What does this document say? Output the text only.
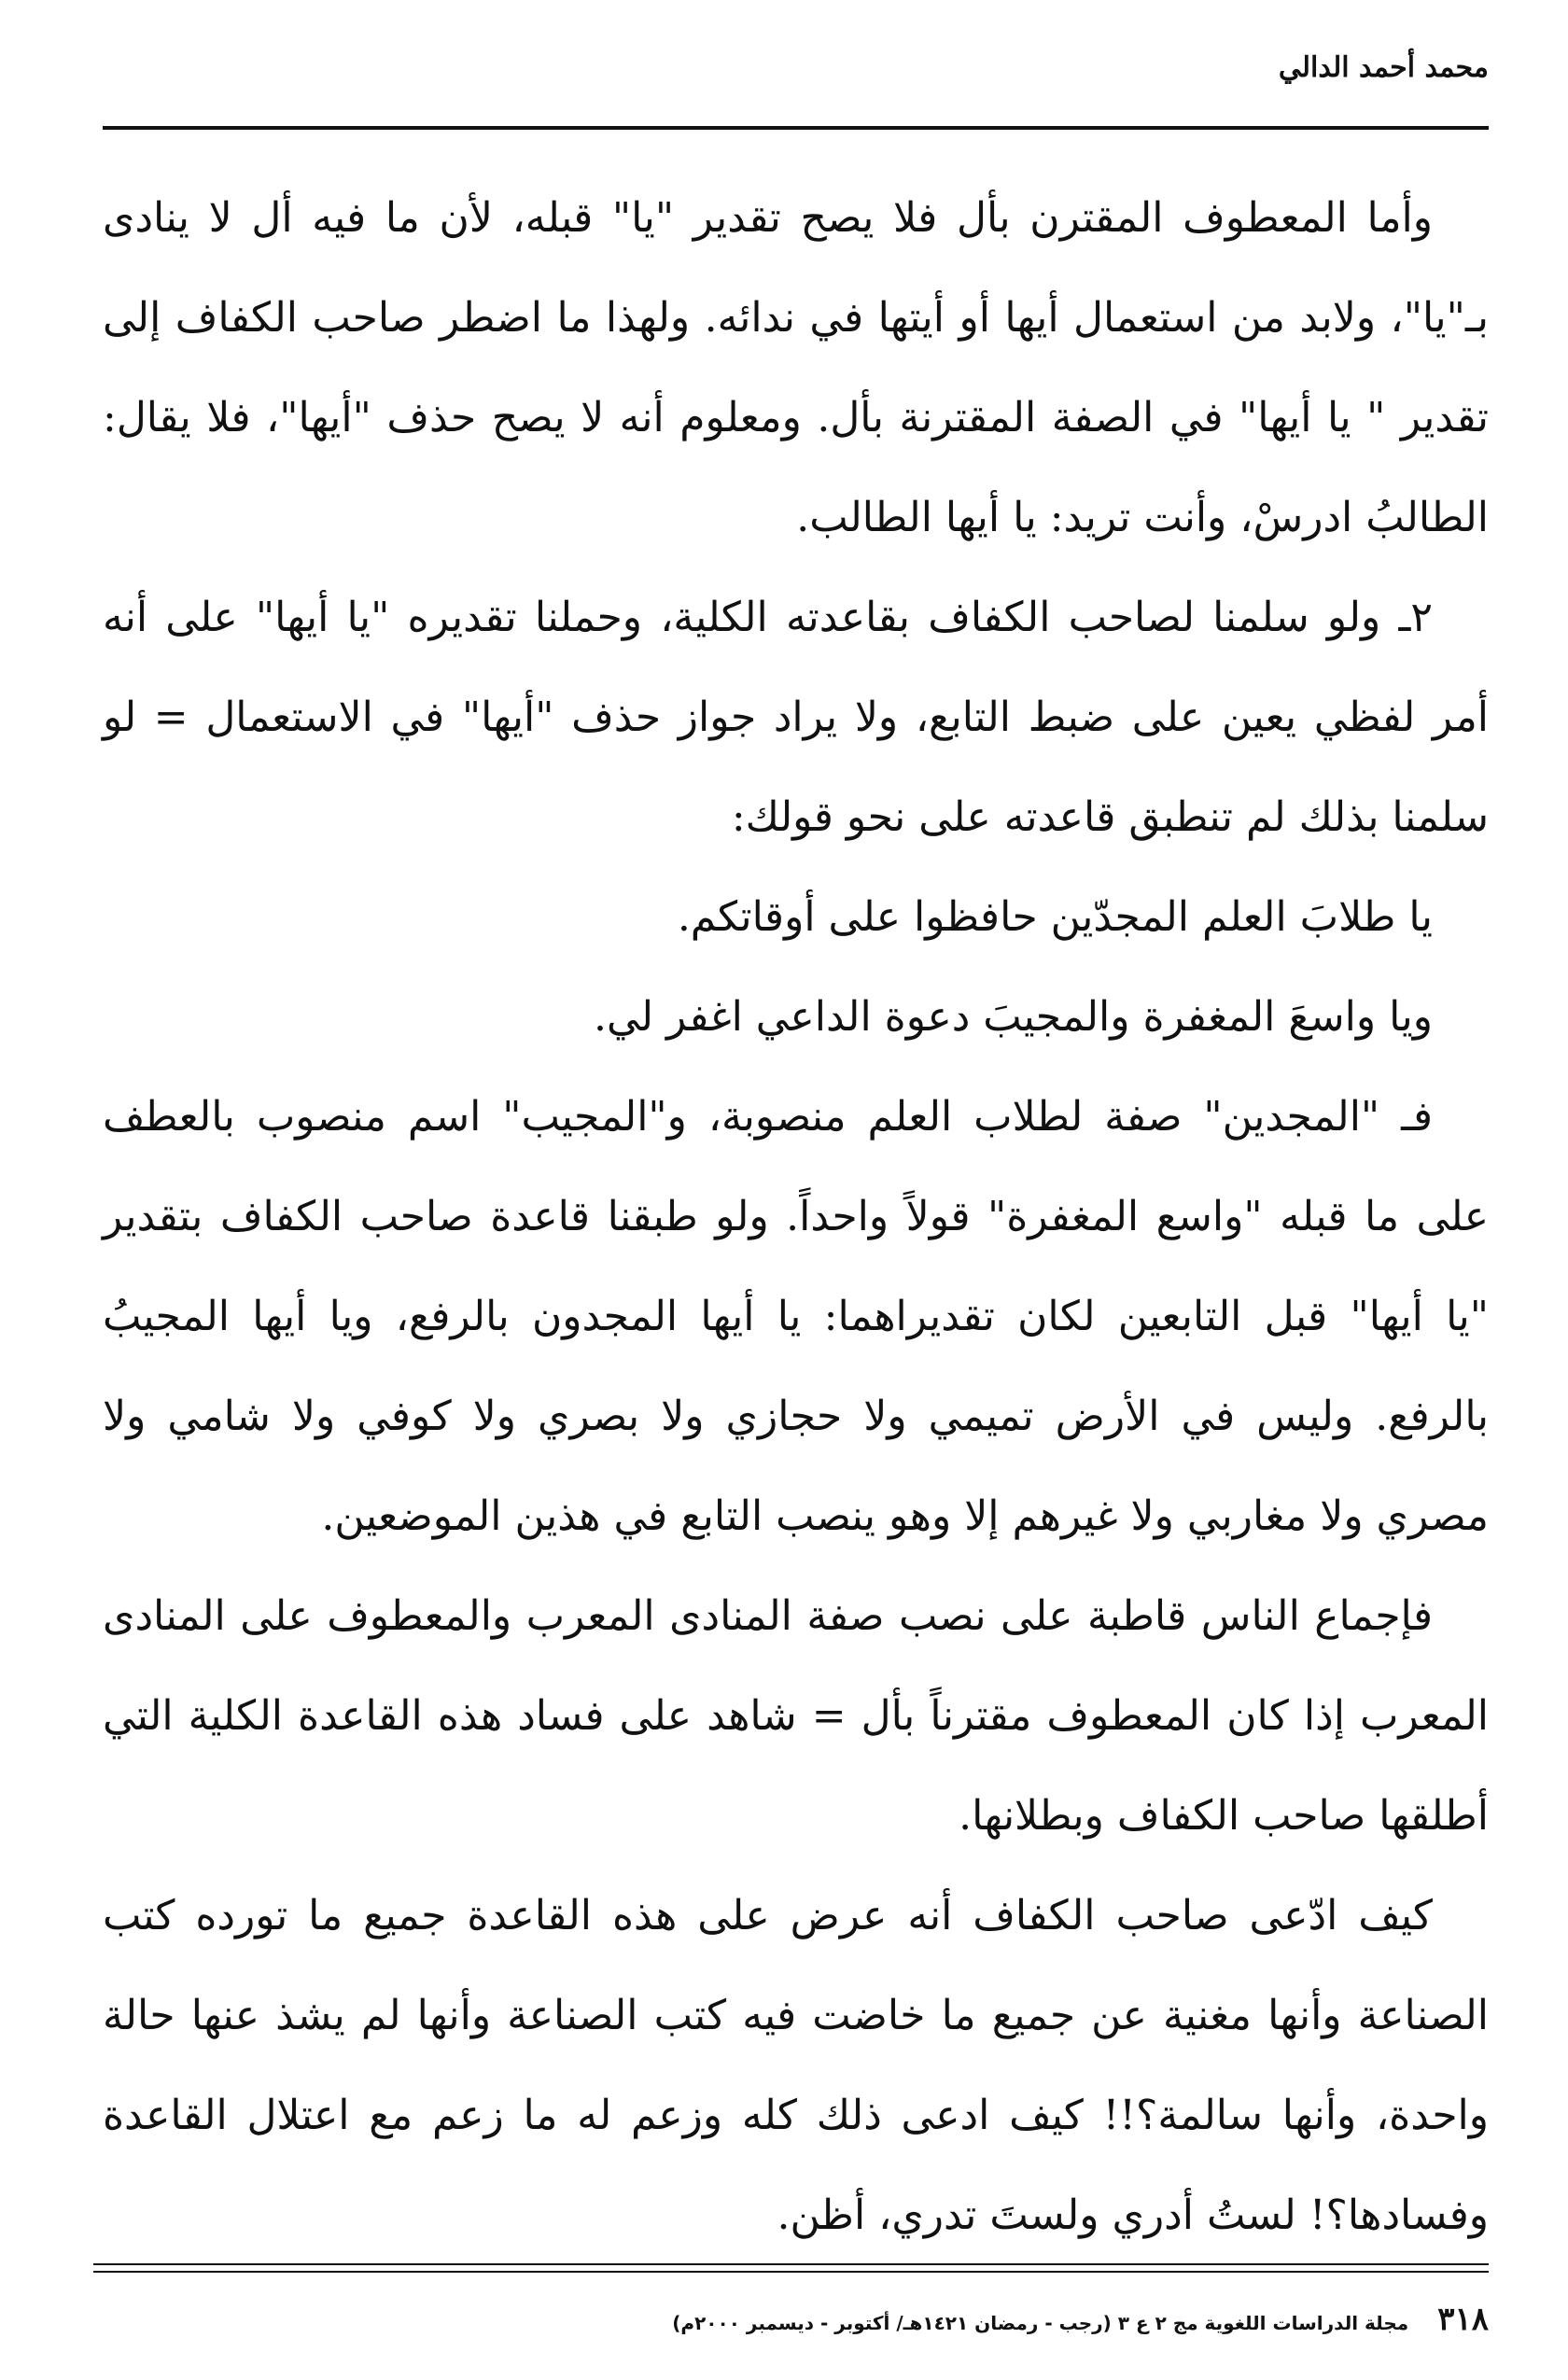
محمد أحمد الدالي

وأما المعطوف المقترن بأل فلا يصح تقدير "يا" قبله، لأن ما فيه أل لا ينادى بـ"يا"، ولابد من استعمال أيها أو أيتها في ندائه. ولهذا ما اضطر صاحب الكفاف إلى تقدير " يا أيها" في الصفة المقترنة بأل. ومعلوم أنه لا يصح حذف "أيها"، فلا يقال: الطالبُ ادرسْ، وأنت تريد: يا أيها الطالب.

٢ـ ولو سلمنا لصاحب الكفاف بقاعدته الكلية، وحملنا تقديره "يا أيها" على أنه أمر لفظي يعين على ضبط التابع، ولا يراد جواز حذف "أيها" في الاستعمال = لو سلمنا بذلك لم تنطبق قاعدته على نحو قولك:

يا طلابَ العلم المجدّين حافظوا على أوقاتكم.

ويا واسعَ المغفرة والمجيبَ دعوة الداعي اغفر لي.

فـ "المجدين" صفة لطلاب العلم منصوبة، و"المجيب" اسم منصوب بالعطف على ما قبله "واسع المغفرة" قولاً واحداً. ولو طبقنا قاعدة صاحب الكفاف بتقدير "يا أيها" قبل التابعين لكان تقديراهما: يا أيها المجدون بالرفع، ويا أيها المجيبُ بالرفع. وليس في الأرض تميمي ولا حجازي ولا بصري ولا كوفي ولا شامي ولا مصري ولا مغاربي ولا غيرهم إلا وهو ينصب التابع في هذين الموضعين.

فإجماع الناس قاطبة على نصب صفة المنادى المعرب والمعطوف على المنادى المعرب إذا كان المعطوف مقترناً بأل = شاهد على فساد هذه القاعدة الكلية التي أطلقها صاحب الكفاف وبطلانها.

كيف ادّعى صاحب الكفاف أنه عرض على هذه القاعدة جميع ما تورده كتب الصناعة وأنها مغنية عن جميع ما خاضت فيه كتب الصناعة وأنها لم يشذ عنها حالة واحدة، وأنها سالمة؟!! كيف ادعى ذلك كله وزعم له ما زعم مع اعتلال القاعدة وفسادها؟! لستُ أدري ولستَ تدري، أظن.

٣١٨ مجلة الدراسات اللغوية مج ٢ ع ٣ (رجب - رمضان ١٤٢١هـ/ أكتوبر - ديسمبر ٢٠٠٠م)
